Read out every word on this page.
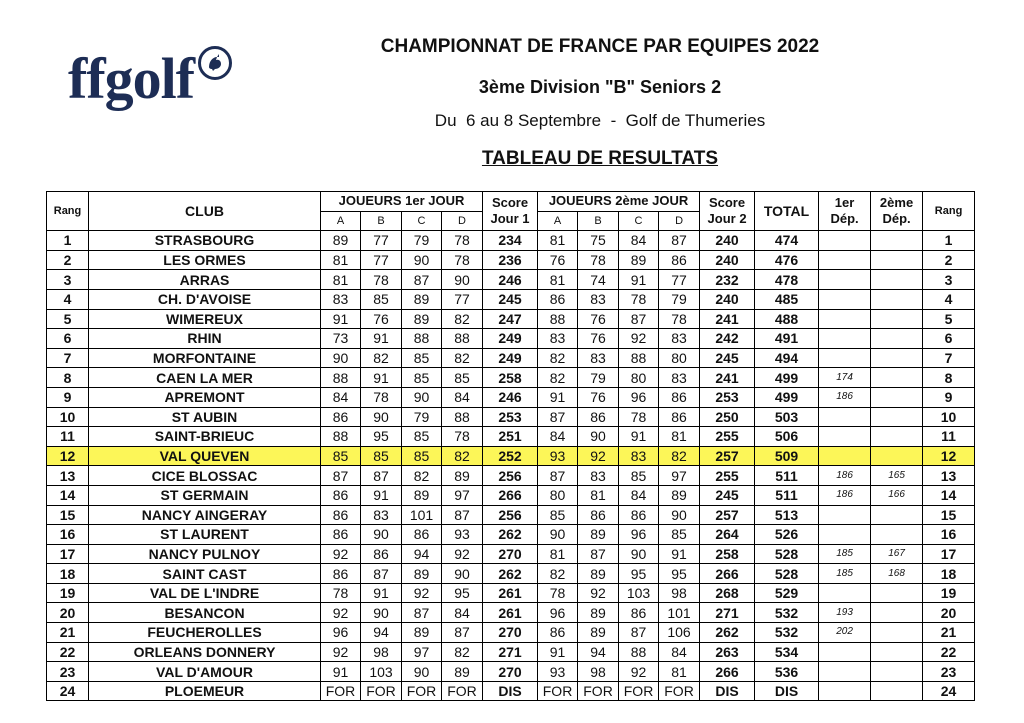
ffgolf	CHAMPIONNAT DE FRANCE PAR EQUIPES 2022
3ème Division "B" Seniors 2
Du  6 au 8 Septembre  -  Golf de Thumeries
TABLEAU DE RESULTATS
Rang	CLUB	JOUEURS 1er JOUR				Score Jour 1	JOUEURS 2ème JOUR				Score Jour 2	TOTAL	1er Dép.	2ème Dép.	Rang
		A	B	C	D		A	B	C	D					
1	STRASBOURG	89	77	79	78	234	81	75	84	87	240	474			1
2	LES ORMES	81	77	90	78	236	76	78	89	86	240	476			2
3	ARRAS	81	78	87	90	246	81	74	91	77	232	478			3
4	CH. D'AVOISE	83	85	89	77	245	86	83	78	79	240	485			4
5	WIMEREUX	91	76	89	82	247	88	76	87	78	241	488			5
6	RHIN	73	91	88	88	249	83	76	92	83	242	491			6
7	MORFONTAINE	90	82	85	82	249	82	83	88	80	245	494			7
8	CAEN LA MER	88	91	85	85	258	82	79	80	83	241	499	174		8
9	APREMONT	84	78	90	84	246	91	76	96	86	253	499	186		9
10	ST AUBIN	86	90	79	88	253	87	86	78	86	250	503			10
11	SAINT-BRIEUC	88	95	85	78	251	84	90	91	81	255	506			11
12	VAL QUEVEN	85	85	85	82	252	93	92	83	82	257	509			12
13	CICE BLOSSAC	87	87	82	89	256	87	83	85	97	255	511	186	165	13
14	ST GERMAIN	86	91	89	97	266	80	81	84	89	245	511	186	166	14
15	NANCY AINGERAY	86	83	101	87	256	85	86	86	90	257	513			15
16	ST LAURENT	86	90	86	93	262	90	89	96	85	264	526			16
17	NANCY PULNOY	92	86	94	92	270	81	87	90	91	258	528	185	167	17
18	SAINT CAST	86	87	89	90	262	82	89	95	95	266	528	185	168	18
19	VAL DE L'INDRE	78	91	92	95	261	78	92	103	98	268	529			19
20	BESANCON	92	90	87	84	261	96	89	86	101	271	532	193		20
21	FEUCHEROLLES	96	94	89	87	270	86	89	87	106	262	532	202		21
22	ORLEANS DONNERY	92	98	97	82	271	91	94	88	84	263	534			22
23	VAL D'AMOUR	91	103	90	89	270	93	98	92	81	266	536			23
24	PLOEMEUR	FOR	FOR	FOR	FOR	DIS	FOR	FOR	FOR	FOR	DIS	DIS			24
